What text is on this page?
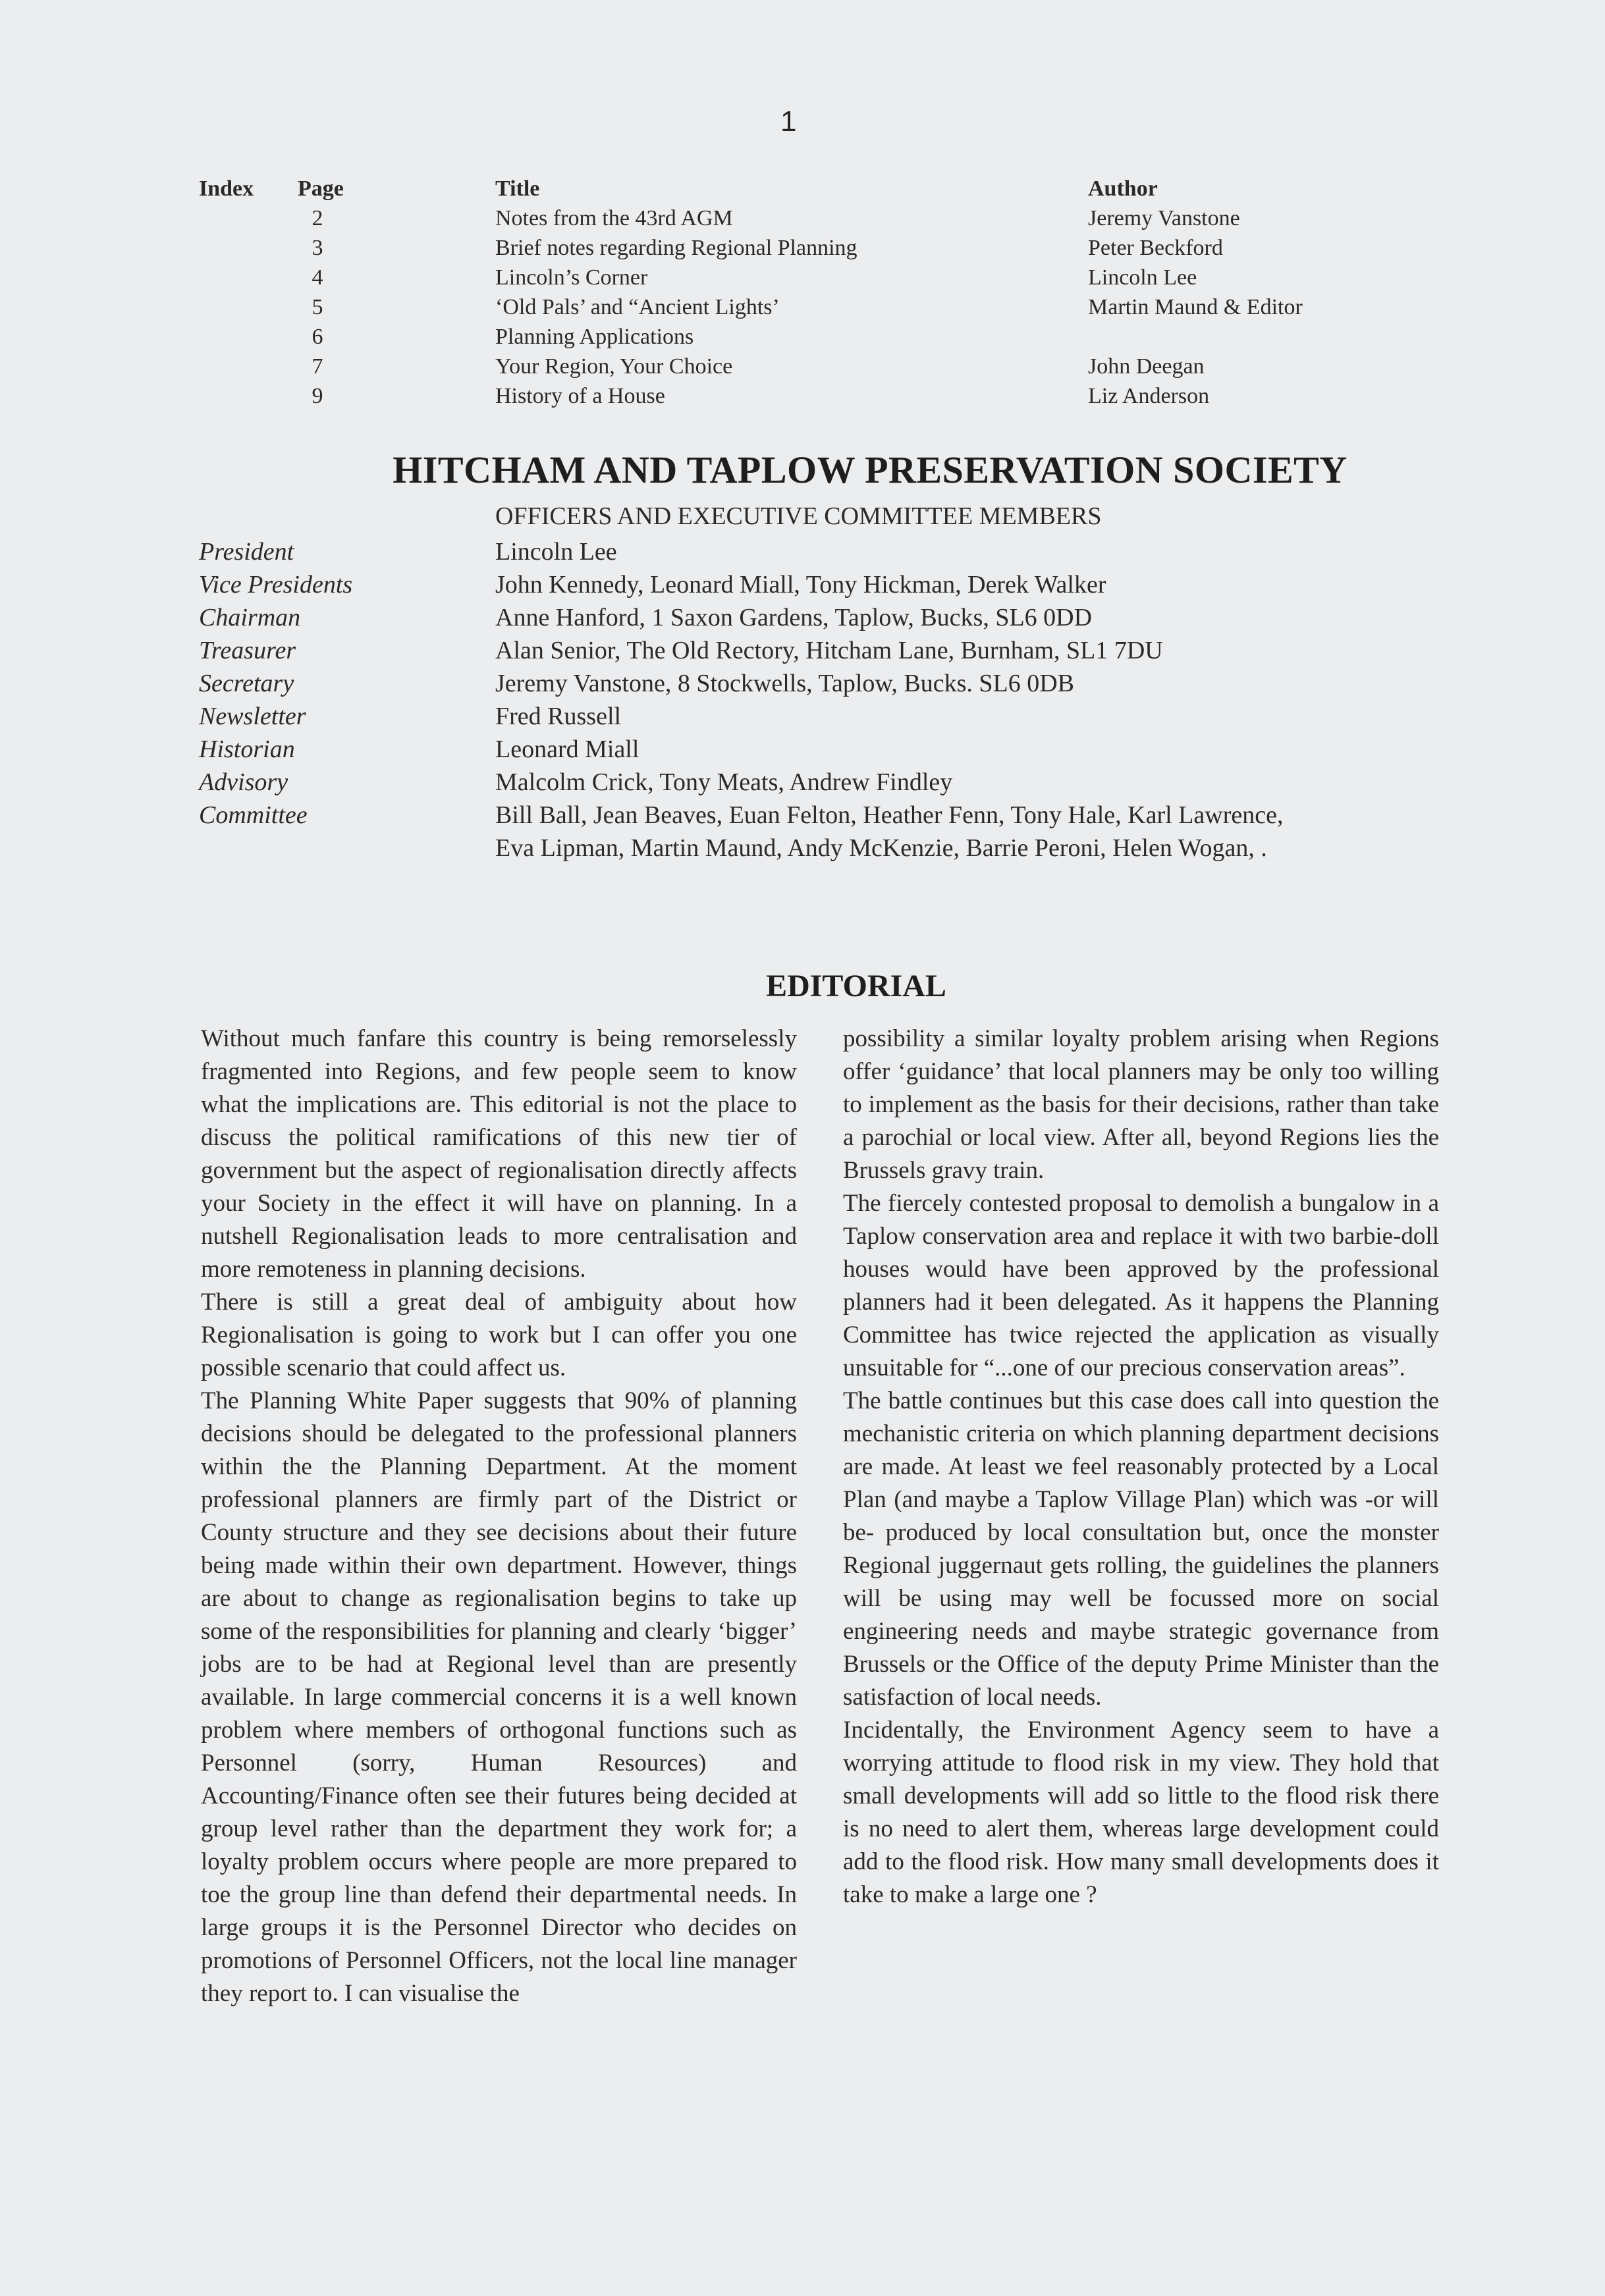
1
Index Page	Title	Author
2	Notes from the 43rd AGM	Jeremy Vanstone
3	Brief notes regarding Regional Planning	Peter Beckford
4	Lincoln’s Corner	Lincoln Lee
5	‘Old Pals’ and “Ancient Lights’	Martin Maund & Editor
6	Planning Applications
7	Your Region, Your Choice	John Deegan
9	History of a House	Liz Anderson
HITCHAM AND TAPLOW PRESERVATION SOCIETY
OFFICERS AND EXECUTIVE COMMITTEE MEMBERS
President	Lincoln Lee
Vice Presidents	John Kennedy, Leonard Miall, Tony Hickman, Derek Walker
Chairman	Anne Hanford, 1 Saxon Gardens, Taplow, Bucks, SL6 0DD
Treasurer	Alan Senior, The Old Rectory, Hitcham Lane, Burnham, SL1 7DU
Secretary	Jeremy Vanstone, 8 Stockwells, Taplow, Bucks. SL6 0DB
Newsletter	Fred Russell
Historian	Leonard Miall
Advisory	Malcolm Crick, Tony Meats, Andrew Findley
Committee	Bill Ball, Jean Beaves, Euan Felton, Heather Fenn, Tony Hale, Karl Lawrence,
Eva Lipman, Martin Maund, Andy McKenzie, Barrie Peroni, Helen Wogan, .
EDITORIAL

Without much fanfare this country is being remorselessly fragmented into Regions, and few people seem to know what the implications are. This editorial is not the place to discuss the political ramifications of this new tier of government but the aspect of regionalisation directly affects your Society in the effect it will have on planning. In a nutshell Regionalisation leads to more centralisation and more remoteness in planning decisions.

There is still a great deal of ambiguity about how Regionalisation is going to work but I can offer you one possible scenario that could affect us.

The Planning White Paper suggests that 90% of planning decisions should be delegated to the professional planners within the the Planning Department. At the moment professional planners are firmly part of the District or County structure and they see decisions about their future being made within their own department. However, things are about to change as regionalisation begins to take up some of the responsibilities for planning and clearly ‘bigger’ jobs are to be had at Regional level than are presently available. In large commercial concerns it is a well known problem where members of orthogonal functions such as Personnel (sorry, Human Resources) and Accounting/Finance often see their futures being decided at group level rather than the department they work for; a loyalty problem occurs where people are more prepared to toe the group line than defend their departmental needs. In large groups it is the Personnel Director who decides on promotions of Personnel Officers, not the local line manager they report to. I can visualise the

possibility a similar loyalty problem arising when Regions offer ‘guidance’ that local planners may be only too willing to implement as the basis for their decisions, rather than take a parochial or local view. After all, beyond Regions lies the Brussels gravy train.

The fiercely contested proposal to demolish a bungalow in a Taplow conservation area and replace it with two barbie-doll houses would have been approved by the professional planners had it been delegated. As it happens the Planning Committee has twice rejected the application as visually unsuitable for “...one of our precious conservation areas”.

The battle continues but this case does call into question the mechanistic criteria on which planning department decisions are made. At least we feel reasonably protected by a Local Plan (and maybe a Taplow Village Plan) which was -or will be- produced by local consultation but, once the monster Regional juggernaut gets rolling, the guidelines the planners will be using may well be focussed more on social engineering needs and maybe strategic governance from Brussels or the Office of the deputy Prime Minister than the satisfaction of local needs.

Incidentally, the Environment Agency seem to have a worrying attitude to flood risk in my view. They hold that small developments will add so little to the flood risk there is no need to alert them, whereas large development could add to the flood risk. How many small developments does it take to make a large one ?
